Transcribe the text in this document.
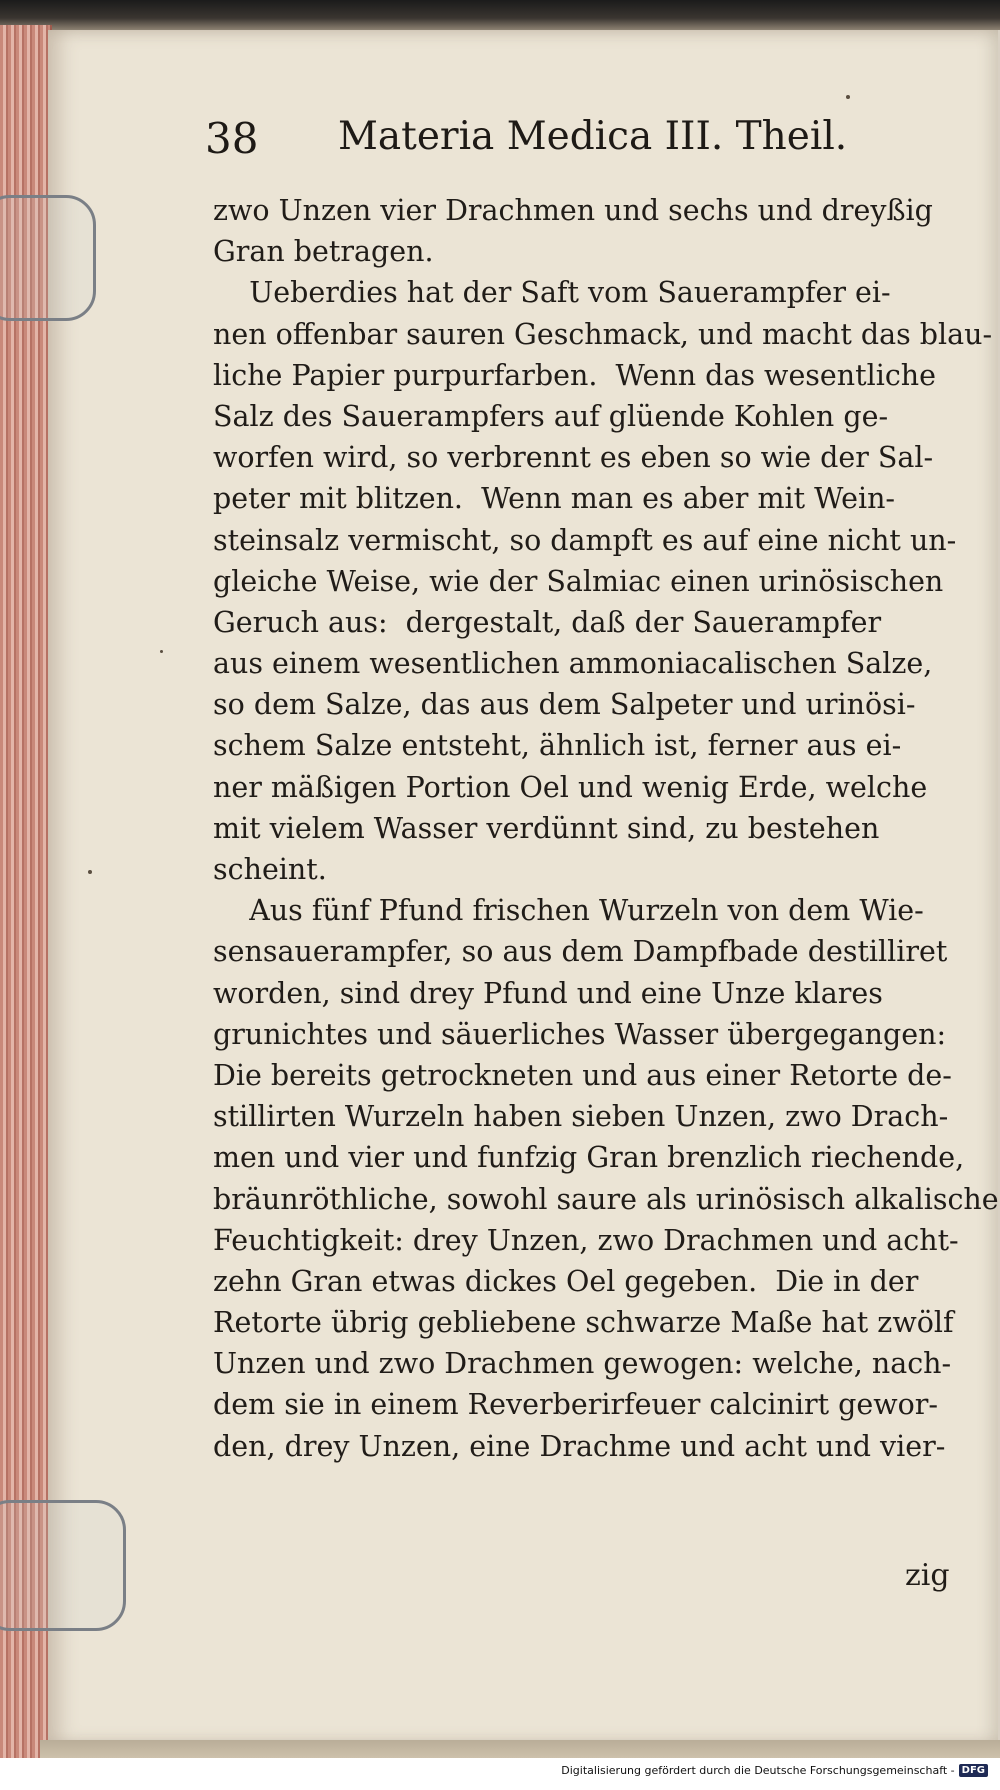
38 Materia Medica III. Theil.
zwo Unzen vier Drachmen und sechs und dreyßig
Gran betragen.
Ueberdies hat der Saft vom Sauerampfer ei-
nen offenbar sauren Geschmack, und macht das blau-
liche Papier purpurfarben.  Wenn das wesentliche
Salz des Sauerampfers auf glüende Kohlen ge-
worfen wird, so verbrennt es eben so wie der Sal-
peter mit blitzen.  Wenn man es aber mit Wein-
steinsalz vermischt, so dampft es auf eine nicht un-
gleiche Weise, wie der Salmiac einen urinösischen
Geruch aus:  dergestalt, daß der Sauerampfer
aus einem wesentlichen ammoniacalischen Salze,
so dem Salze, das aus dem Salpeter und urinösi-
schem Salze entsteht, ähnlich ist, ferner aus ei-
ner mäßigen Portion Oel und wenig Erde, welche
mit vielem Wasser verdünnt sind, zu bestehen
scheint.
Aus fünf Pfund frischen Wurzeln von dem Wie-
sensauerampfer, so aus dem Dampfbade destilliret
worden, sind drey Pfund und eine Unze klares
grunichtes und säuerliches Wasser übergegangen:
Die bereits getrockneten und aus einer Retorte de-
stillirten Wurzeln haben sieben Unzen, zwo Drach-
men und vier und funfzig Gran brenzlich riechende,
bräunröthliche, sowohl saure als urinösisch alkalische
Feuchtigkeit: drey Unzen, zwo Drachmen und acht-
zehn Gran etwas dickes Oel gegeben.  Die in der
Retorte übrig gebliebene schwarze Maße hat zwölf
Unzen und zwo Drachmen gewogen: welche, nach-
dem sie in einem Reverberirfeuer calcinirt gewor-
den, drey Unzen, eine Drachme und acht und vier-
zig
Digitalisierung gefördert durch die Deutsche Forschungsgemeinschaft - DFG
